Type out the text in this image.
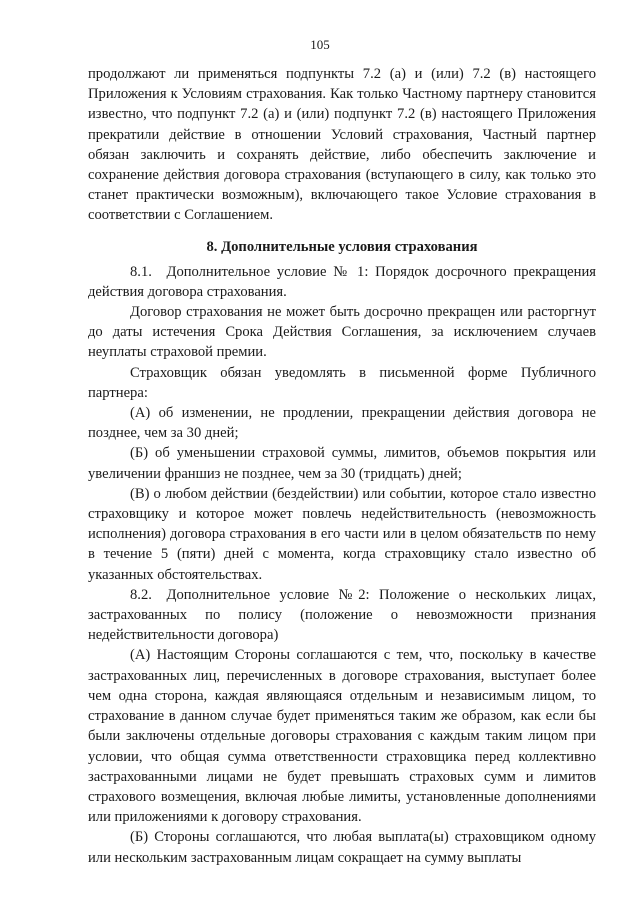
105

продолжают ли применяться подпункты 7.2 (а) и (или) 7.2 (в) настоящего Приложения к Условиям страхования. Как только Частному партнеру становится известно, что подпункт 7.2 (а) и (или) подпункт 7.2 (в) настоящего Приложения прекратили действие в отношении Условий страхования, Частный партнер обязан заключить и сохранять действие, либо обеспечить заключение и сохранение действия договора страхования (вступающего в силу, как только это станет практически возможным), включающего такое Условие страхования в соответствии с Соглашением.

8. Дополнительные условия страхования

8.1. Дополнительное условие № 1: Порядок досрочного прекращения действия договора страхования.

Договор страхования не может быть досрочно прекращен или расторгнут до даты истечения Срока Действия Соглашения, за исключением случаев неуплаты страховой премии.

Страховщик обязан уведомлять в письменной форме Публичного партнера:

(А) об изменении, не продлении, прекращении действия договора не позднее, чем за 30 дней;

(Б) об уменьшении страховой суммы, лимитов, объемов покрытия или увеличении франшиз не позднее, чем за 30 (тридцать) дней;

(В) о любом действии (бездействии) или событии, которое стало известно страховщику и которое может повлечь недействительность (невозможность исполнения) договора страхования в его части или в целом обязательств по нему в течение 5 (пяти) дней с момента, когда страховщику стало известно об указанных обстоятельствах.

8.2. Дополнительное условие №2: Положение о нескольких лицах, застрахованных по полису (положение о невозможности признания недействительности договора)

(А) Настоящим Стороны соглашаются с тем, что, поскольку в качестве застрахованных лиц, перечисленных в договоре страхования, выступает более чем одна сторона, каждая являющаяся отдельным и независимым лицом, то страхование в данном случае будет применяться таким же образом, как если бы были заключены отдельные договоры страхования с каждым таким лицом при условии, что общая сумма ответственности страховщика перед коллективно застрахованными лицами не будет превышать страховых сумм и лимитов страхового возмещения, включая любые лимиты, установленные дополнениями или приложениями к договору страхования.

(Б) Стороны соглашаются, что любая выплата(ы) страховщиком одному или нескольким застрахованным лицам сокращает на сумму выплаты
